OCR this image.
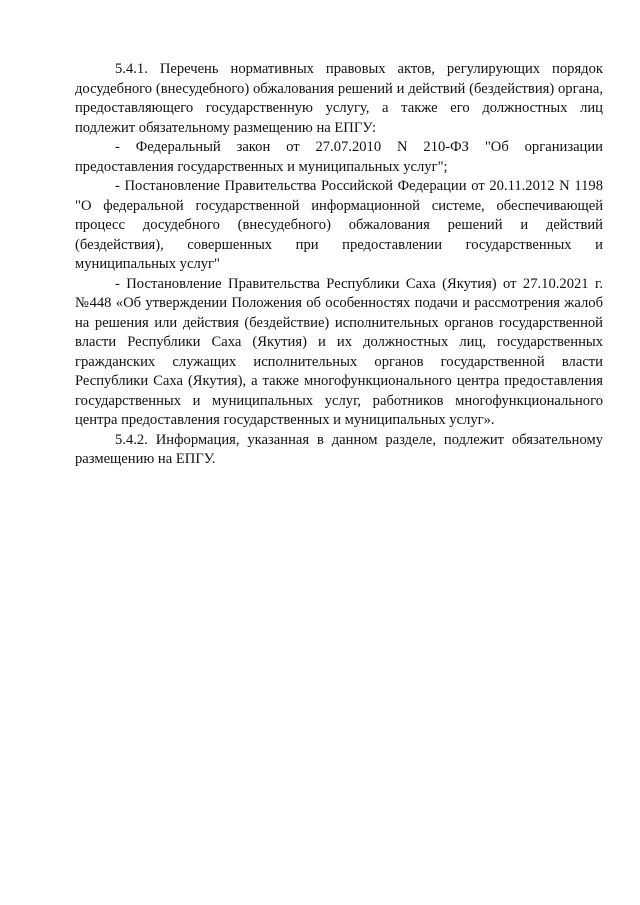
5.4.1. Перечень нормативных правовых актов, регулирующих порядок досудебного (внесудебного) обжалования решений и действий (бездействия) органа, предоставляющего государственную услугу, а также его должностных лиц подлежит обязательному размещению на ЕПГУ:

- Федеральный закон от 27.07.2010 N 210-ФЗ "Об организации предоставления государственных и муниципальных услуг";

- Постановление Правительства Российской Федерации от 20.11.2012 N 1198 "О федеральной государственной информационной системе, обеспечивающей процесс досудебного (внесудебного) обжалования решений и действий (бездействия), совершенных при предоставлении государственных и муниципальных услуг"

- Постановление Правительства Республики Саха (Якутия) от 27.10.2021 г. №448 «Об утверждении Положения об особенностях подачи и рассмотрения жалоб на решения или действия (бездействие) исполнительных органов государственной власти Республики Саха (Якутия) и их должностных лиц, государственных гражданских служащих исполнительных органов государственной власти Республики Саха (Якутия), а также многофункционального центра предоставления государственных и муниципальных услуг, работников многофункционального центра предоставления государственных и муниципальных услуг».

5.4.2. Информация, указанная в данном разделе, подлежит обязательному размещению на ЕПГУ.
